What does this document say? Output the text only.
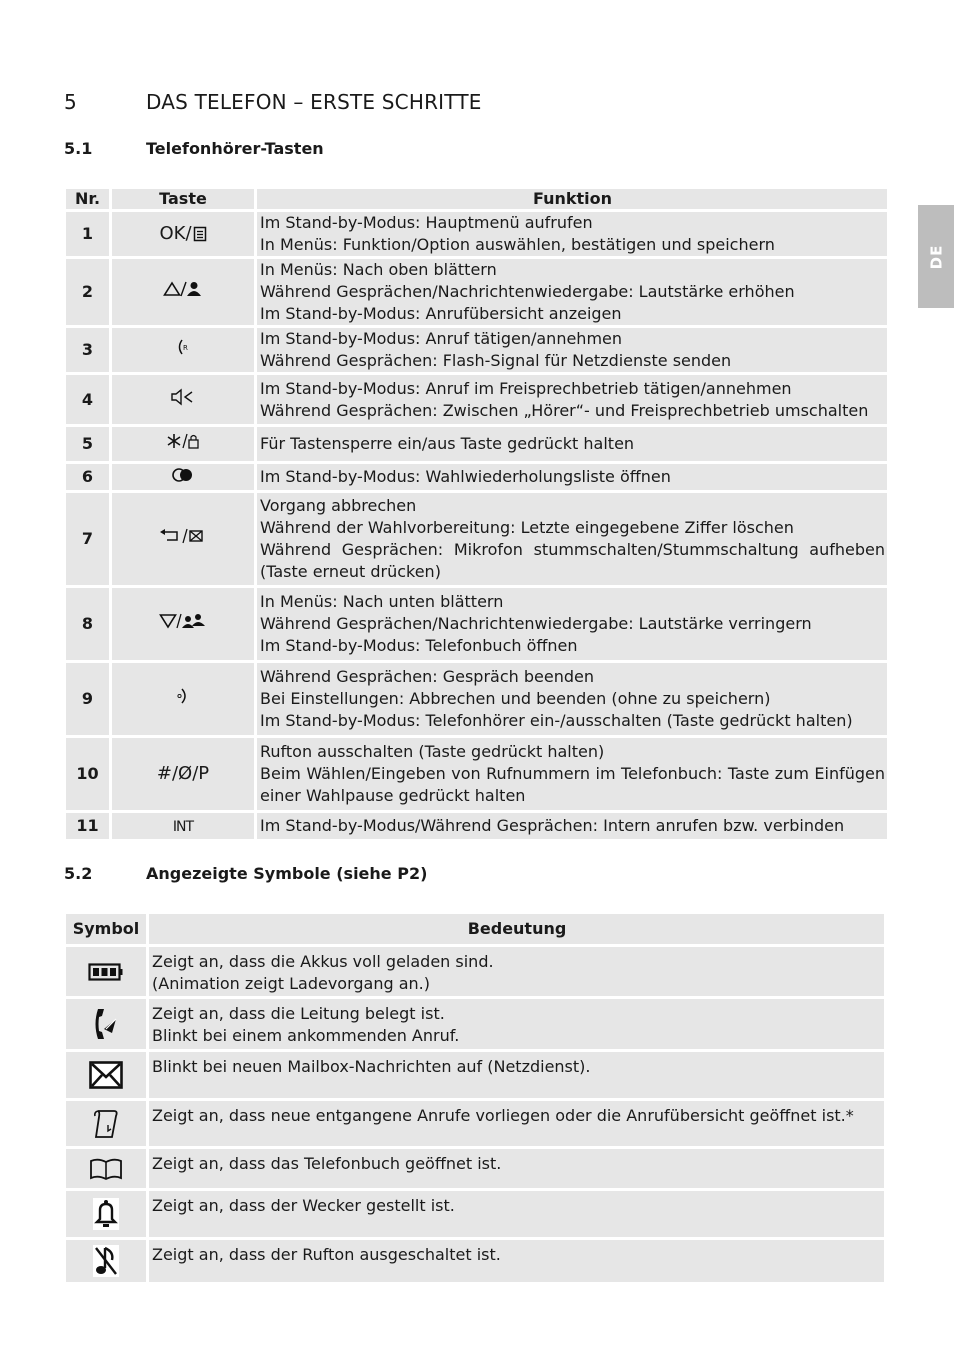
5	DAS TELEFON – ERSTE SCHRITTE
DE
5.1	Telefonhörer-Tasten
Nr.	Taste	Funktion
1	OK/	Im Stand-by-Modus: Hauptmenü aufrufen
In Menüs: Funktion/Option auswählen, bestätigen und speichern

2		In Menüs: Nach oben blättern
Während Gesprächen/Nachrichtenwiedergabe: Lautstärke erhöhen
Im Stand-by-Modus: Anrufübersicht anzeigen

3	R	Im Stand-by-Modus: Anruf tätigen/annehmen
Während Gesprächen: Flash-Signal für Netzdienste senden

4		Im Stand-by-Modus: Anruf im Freisprechbetrieb tätigen/annehmen
Während Gesprächen: Zwischen „Hörer“- und Freisprechbetrieb umschalten

5		Für Tastensperre ein/aus Taste gedrückt halten

6		Im Stand-by-Modus: Wahlwiederholungsliste öffnen

7		Vorgang abbrechen
Während der Wahlvorbereitung: Letzte eingegebene Ziffer löschen
Während Gesprächen: Mikrofon stummschalten/Stummschaltung aufheben (Taste erneut drücken)

8		In Menüs: Nach unten blättern
Während Gesprächen/Nachrichtenwiedergabe: Lautstärke verringern
Im Stand-by-Modus: Telefonbuch öffnen

9		Während Gesprächen: Gespräch beenden
Bei Einstellungen: Abbrechen und beenden (ohne zu speichern)
Im Stand-by-Modus: Telefonhörer ein-/ausschalten (Taste gedrückt halten)

10	#/Ø/P	Rufton ausschalten (Taste gedrückt halten)
Beim Wählen/Eingeben von Rufnummern im Telefonbuch: Taste zum Einfügen einer Wahlpause gedrückt halten

11	INT	Im Stand-by-Modus/Während Gesprächen: Intern anrufen bzw. verbinden
5.2	Angezeigte Symbole (siehe P2)
Symbol	Bedeutung

Zeigt an, dass die Akkus voll geladen sind.
(Animation zeigt Ladevorgang an.)

Zeigt an, dass die Leitung belegt ist.
Blinkt bei einem ankommenden Anruf.

Blinkt bei neuen Mailbox-Nachrichten auf (Netzdienst).

Zeigt an, dass neue entgangene Anrufe vorliegen oder die Anrufübersicht geöffnet ist.*

Zeigt an, dass das Telefonbuch geöffnet ist.

Zeigt an, dass der Wecker gestellt ist.

Zeigt an, dass der Rufton ausgeschaltet ist.
